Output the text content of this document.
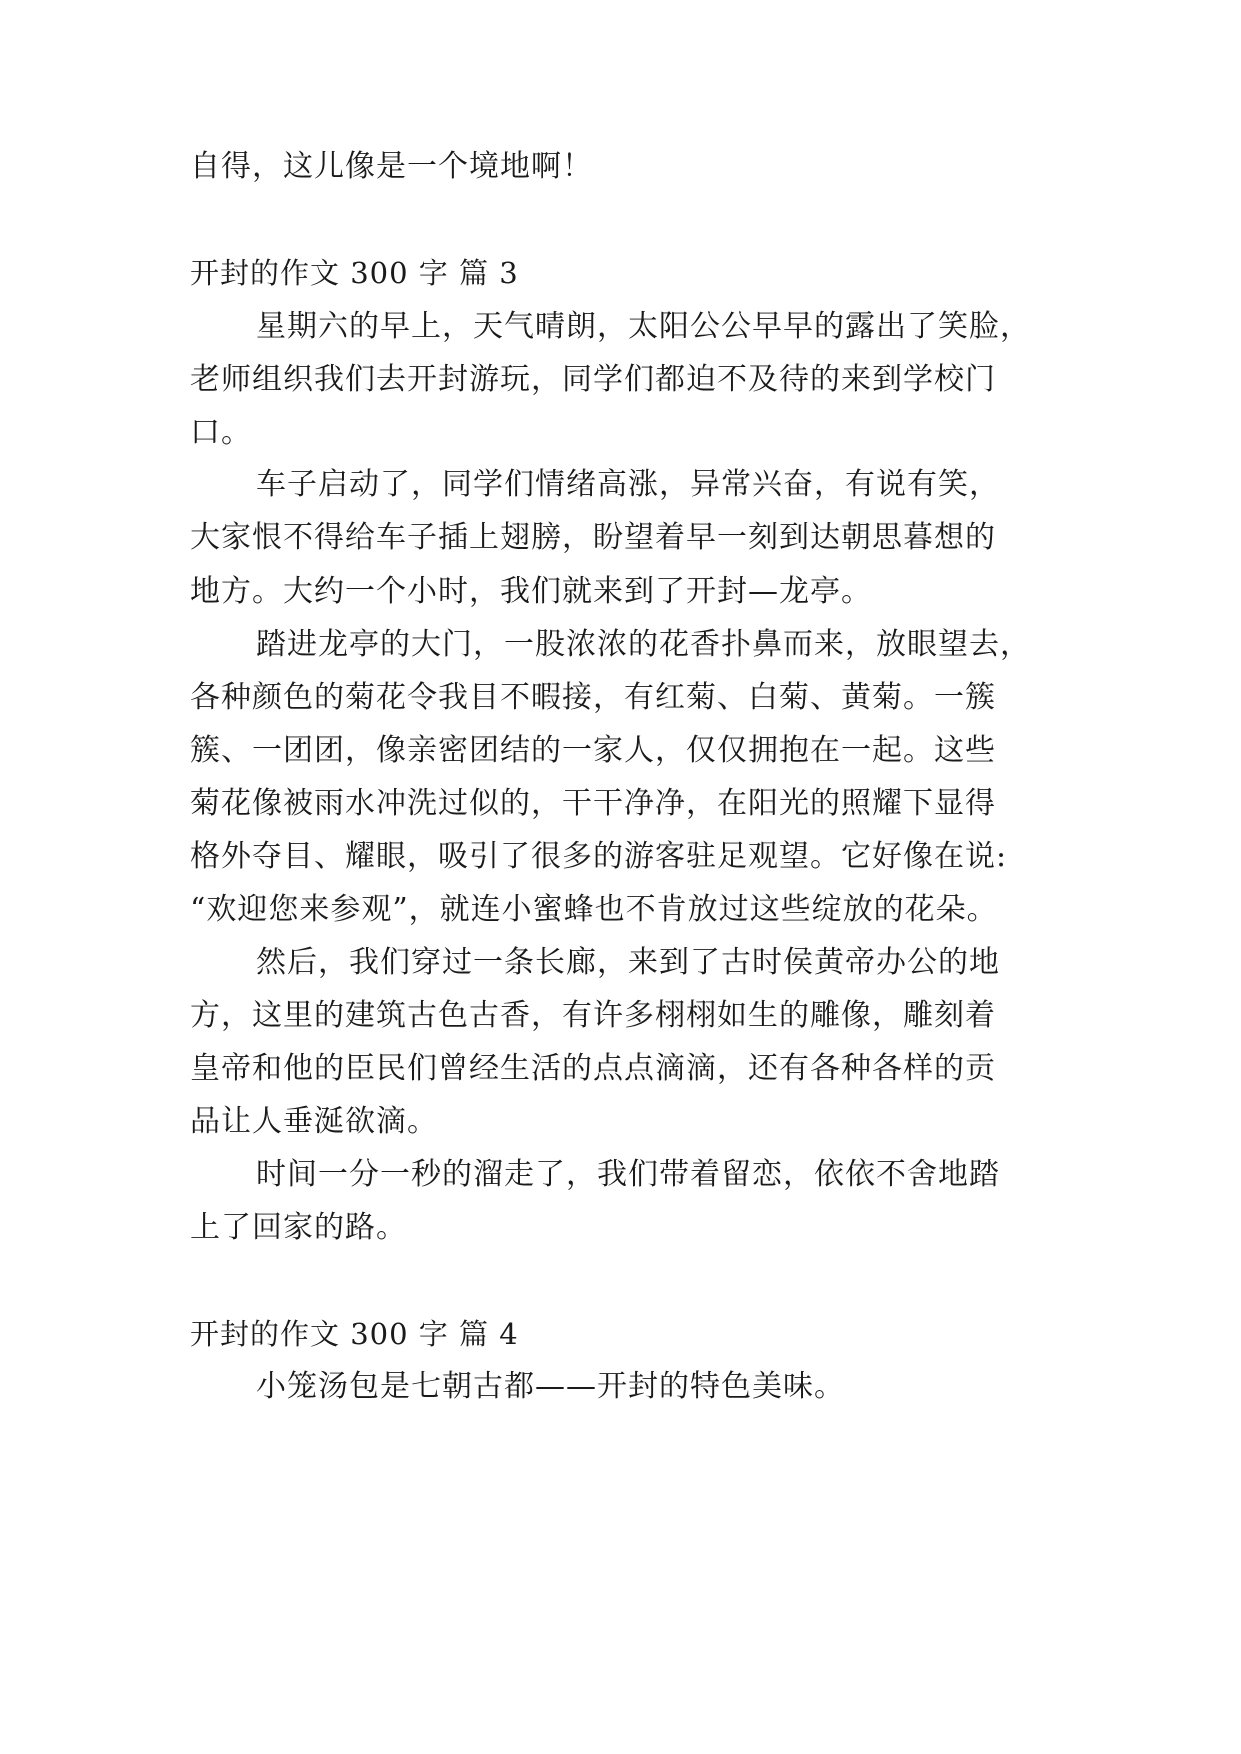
自得，这儿像是一个境地啊！
开封的作文 300 字 篇 3
星期六的早上，天气晴朗，太阳公公早早的露出了笑脸，
老师组织我们去开封游玩，同学们都迫不及待的来到学校门
口。
车子启动了，同学们情绪高涨，异常兴奋，有说有笑，
大家恨不得给车子插上翅膀，盼望着早一刻到达朝思暮想的
地方。大约一个小时，我们就来到了开封—龙亭。
踏进龙亭的大门，一股浓浓的花香扑鼻而来，放眼望去，
各种颜色的菊花令我目不暇接，有红菊、白菊、黄菊。一簇
簇、一团团，像亲密团结的一家人，仅仅拥抱在一起。这些
菊花像被雨水冲洗过似的，干干净净，在阳光的照耀下显得
格外夺目、耀眼，吸引了很多的游客驻足观望。它好像在说:
“欢迎您来参观”，就连小蜜蜂也不肯放过这些绽放的花朵。
然后，我们穿过一条长廊，来到了古时侯黄帝办公的地
方，这里的建筑古色古香，有许多栩栩如生的雕像，雕刻着
皇帝和他的臣民们曾经生活的点点滴滴，还有各种各样的贡
品让人垂涎欲滴。
时间一分一秒的溜走了，我们带着留恋，依依不舍地踏
上了回家的路。
开封的作文 300 字 篇 4
小笼汤包是七朝古都——开封的特色美味。
